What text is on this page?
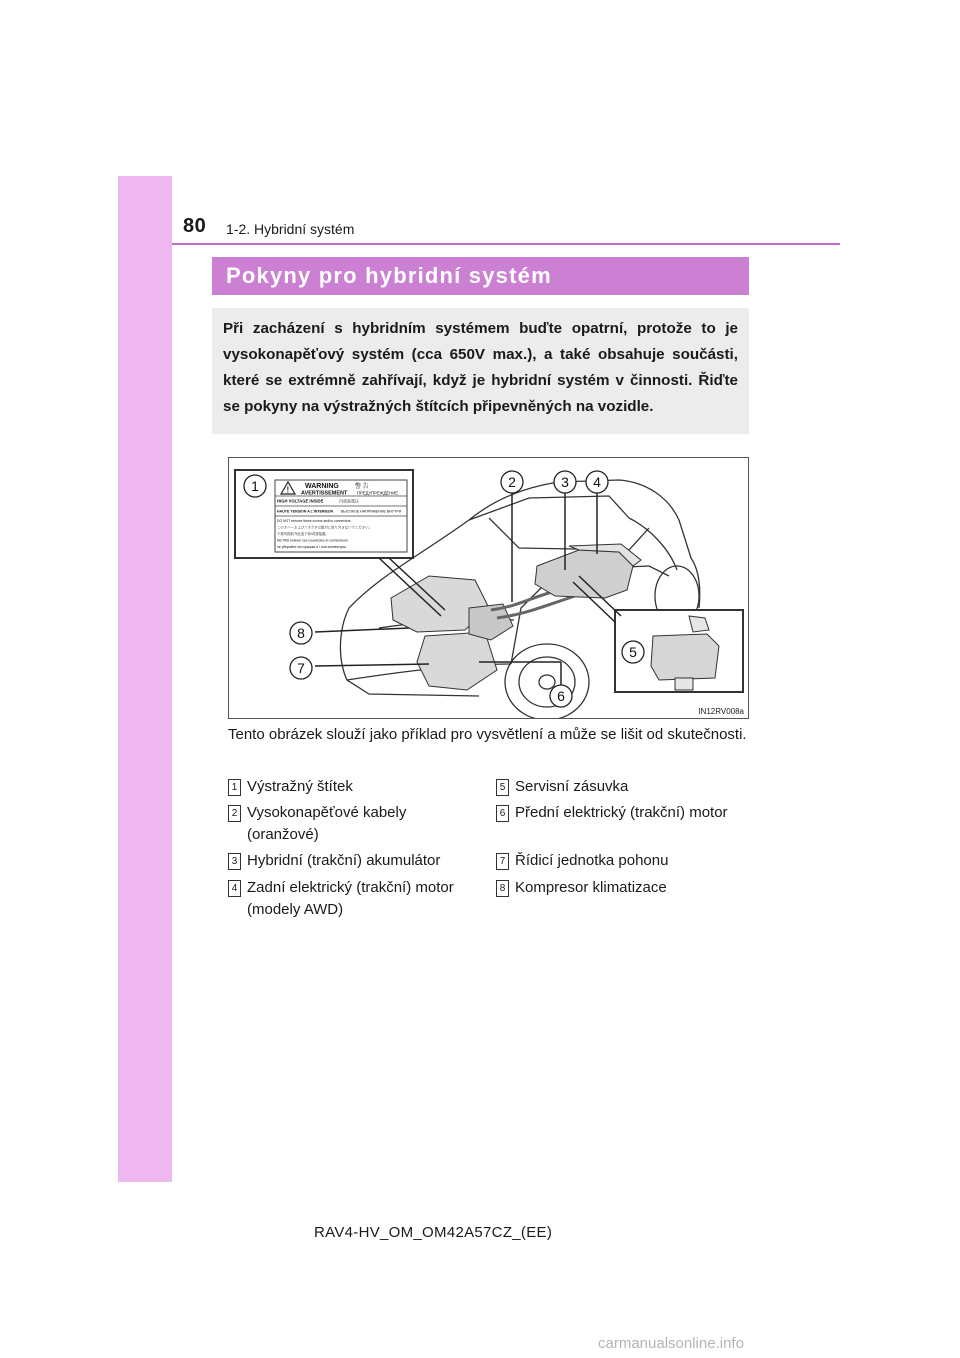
80 1-2. Hybridní systém
Pokyny pro hybridní systém
Při zacházení s hybridním systémem buďte opatrní, protože to je vysokonapěťový systém (cca 650V max.), a také obsahuje součásti, které se extrémně zahřívají, když je hybridní systém v činnosti. Řiďte se pokyny na výstražných štítcích připevněných na vozidle.
! WARNING	警 告
AVERTISSEMENT ПРЕДУПРЕЖДЕНИЕ
HIGH VOLTAGE INSIDE	内部高電圧
HAUTE TENSION A L'INTERIEUR ВЫСОКОЕ НАПРЯЖЕНИЕ ВНУТРИ
DO NOT remove these covers and/or connectors.
このカバーおよびコネクタは絶対に取り外さないでください。
不要有損取外此盖子和/或連接器。
NE PAS enlever ces couvercles et connecteurs.
не убирайте эти крышки и / или коннекторы.
1	2	3 4
5
6
7
8
IN12RV008a
Tento obrázek slouží jako příklad pro vysvětlení a může se lišit od skutečnosti.
1 Výstražný štítek
2 Vysokonapěťové kabely (oranžové)
3 Hybridní (trakční) akumulátor
4 Zadní elektrický (trakční) motor (modely AWD)
5 Servisní zásuvka
6 Přední elektrický (trakční) motor
7 Řídicí jednotka pohonu
8 Kompresor klimatizace
RAV4-HV_OM_OM42A57CZ_(EE)
carmanualsonline.info
